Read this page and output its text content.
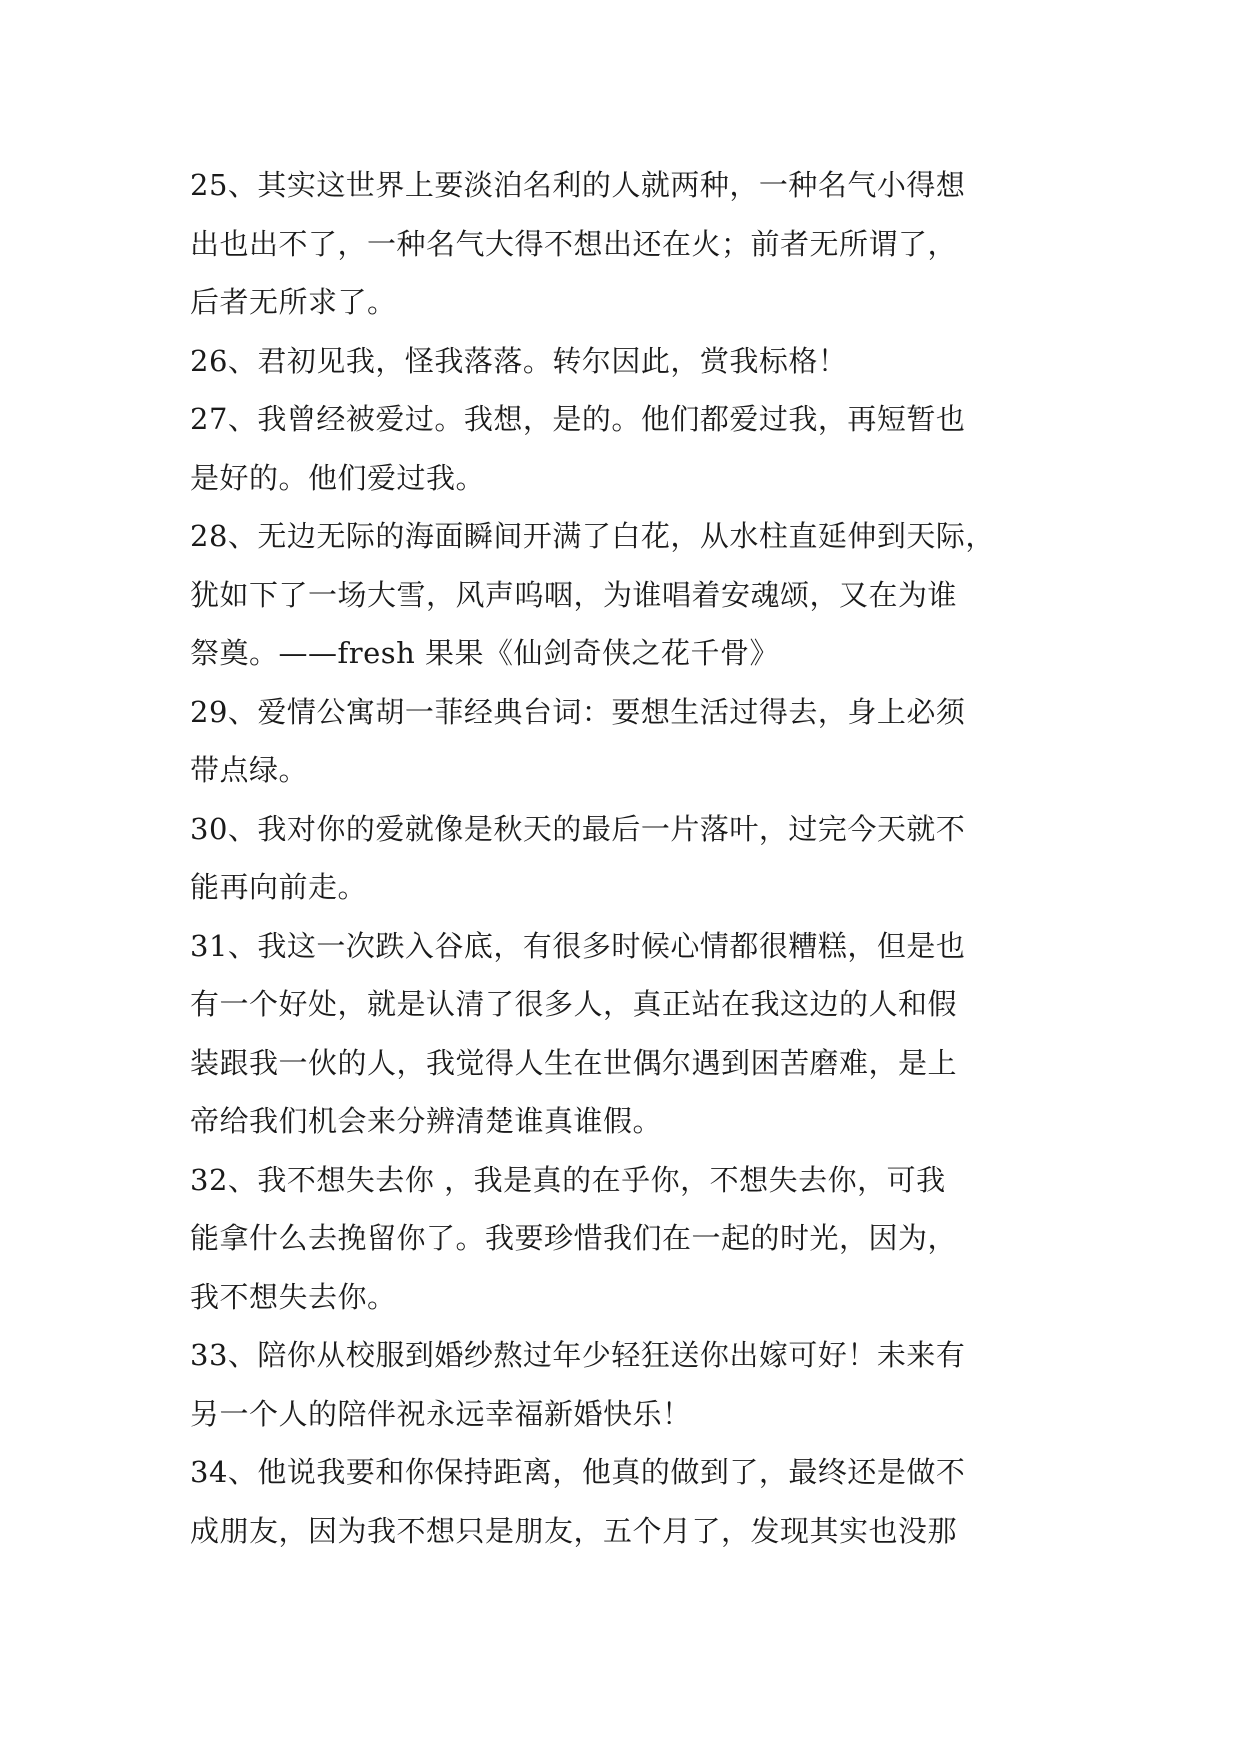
25、其实这世界上要淡泊名利的人就两种，一种名气小得想
出也出不了，一种名气大得不想出还在火；前者无所谓了，
后者无所求了。
26、君初见我，怪我落落。转尔因此，赏我标格！
27、我曾经被爱过。我想，是的。他们都爱过我，再短暂也
是好的。他们爱过我。
28、无边无际的海面瞬间开满了白花，从水柱直延伸到天际，
犹如下了一场大雪，风声呜咽，为谁唱着安魂颂，又在为谁
祭奠。——fresh 果果《仙剑奇侠之花千骨》
29、爱情公寓胡一菲经典台词：要想生活过得去，身上必须
带点绿。
30、我对你的爱就像是秋天的最后一片落叶，过完今天就不
能再向前走。
31、我这一次跌入谷底，有很多时候心情都很糟糕，但是也
有一个好处，就是认清了很多人，真正站在我这边的人和假
装跟我一伙的人，我觉得人生在世偶尔遇到困苦磨难，是上
帝给我们机会来分辨清楚谁真谁假。
32、我不想失去你 ，我是真的在乎你，不想失去你，可我
能拿什么去挽留你了。我要珍惜我们在一起的时光，因为，
我不想失去你。
33、陪你从校服到婚纱熬过年少轻狂送你出嫁可好！未来有
另一个人的陪伴祝永远幸福新婚快乐！
34、他说我要和你保持距离，他真的做到了，最终还是做不
成朋友，因为我不想只是朋友，五个月了，发现其实也没那
